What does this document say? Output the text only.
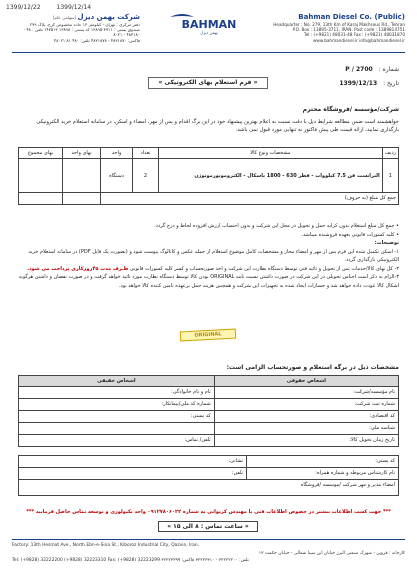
1399/12/22	1399/12/14
شرکت بهمن دیزل (سهامی عام)
دفتر مرکزی : تهران - کیلومتر ۱۳ جاده مخصوص کرج، پلاک ۲۷۹
صندوق پستی : ۳۷۱۱-۱۳۸۹۵ کد پستی : ۱۳۸۹۸ ۱۴۷۵۱۳ تلفن : ۴۸ - ۴۸۳۱۸۰ - ۸۰۲۱
فاکس: ۴۸۳۱۸۷۰ - ۴۸۳۱۸۷۸ تلفن: ۴۸۰ ۸۱ ۴۸۰۲۱
BAHMAN
بهمن دیزل
Bahman Diesel Co. (Public)
Headquarter : No. 279, 13th Km of Karaj Makhsous Rd., Tehran
P.O. Box : 13895-3711, IRAN. Post code : 1389814751
Tel : (+9821) 48031-48 Fax : (+9821) 48031870
www.bahmandiesel.ir info@bahmandiesel.ir
شماره :2700 / P
تاریخ :1399/12/13
« فرم استعلام بهای الکترونیکی »
شرکت/مؤسسه /فروشگاه محترم
خواهشمند است ضمن مطالعه شرایط ذیل با دقت نسبت به اعلام بهترین پیشنهاد خود در این برگ اقدام و پس از مهر، امضاء و اسکن، در سامانه استعلام خرید الکترونیکی بارگذاری نمایید، ارائه قیمت طی پیش فاکتور نه تنهایی مورد قبول نمی باشد.
ردیف	مشخصات ونوع کالا	تعداد	واحد	بهای واحد	بهای مجموع
1	الترانست فن 7.5 کیلووات - قطر 630 - 1800 پاسکال - الکتروموتورموتوژن	2	دستگاه		
جمع کل مبلغ (به حروف)					
• جمع کل مبلغ استعلام بدون کرایه حمل و تحویل در محل این شرکت و بدون احتساب ارزش افزوده لحاظ و درج گردد.
• کلیه کسورات قانونی بعهده فروشنده میباشد.
توضیحات:
۱- اسکن تکمیل شده این فرم پس از مهر و امضاء مجاز و مشخصات کامل موضوع استعلام از جمله عکس و کاتالوگ پیوست شود و (بصورت یک فایل PDF) در سامانه استعلام خرید الکترونیکی بارگذاری گردد.
۲- کل بهای کالا/خدمات پس از تحویل و تائید فنی توسط دستگاه نظارت این شرکت و اخذ صورتحساب و کسر کلیه کسورات قانونی ظـرف مدت ۴۵روزکاری پرداخت می شود.
۳-الزام به ذکر است اجناس تحویلی در این شرکت در صورت داشتن نسبت نامه ORIGINAL بودن کالا توسط دستگاه نظارت مورد تائید خواهد گرفت و در صورت نقصان و داشتن هرگونه اشکال کالا عودت داده خواهد شد و خسارات ایجاد شده به تجهیزات این شرکت و همچنین هزینه حمل برعهده تامین کننده کالا خواهد بود.
ORIGINAL
مشخصات ذیل در برگه استعلام و صورتحساب الزامی است:
اشخاص حقوقی	اشخاص حقیقی
نام مؤسسه/شرکت:	نام و نام خانوادگی:
شماره ثبت شرکت:	شماره کد ملی/پیمانکار:
کد اقتصادی:	کد پستی:
شناسه ملی:	
تاریخ زمان تحویل کالا:	تلفن/ تماس:
کد پستی:	نشانی:
نام کارشناس مربوطه و شماره همراه:	تلفن:
امضاء مدیر و مهر شرکت /موسسه /فروشگاه	
*** جهت کسب اطلاعات بیشتر در خصوص اطلاعات فنی با مهندس کریوانی به شماره ۰۹۱۲۷۸۰۶۰۲۲ واحد تکنولوژی و توسعه تماس حاصل فرمایید ***
« ساعت تماس : ۸ الی ۱۵ »
Factory: 13th Hesmat Ave., North Ebn-e-Sina St., Kiboroz Industrial City, Qazvin, Iran.
کارخانه : قزوین - شهرک صنعتی البرز خیابان ابن سینا شمالی - خیابان حکمت ۱۳
Tel: (+9828) 32222200 (+9828) 32223310 Fax: (+9828) 32223299 تلفن: ۳۲۲۲۲۲۰۰ - ۳۲۲۲۳۳۱۰ فاکس: ۳۲۲۲۳۲۹۹
